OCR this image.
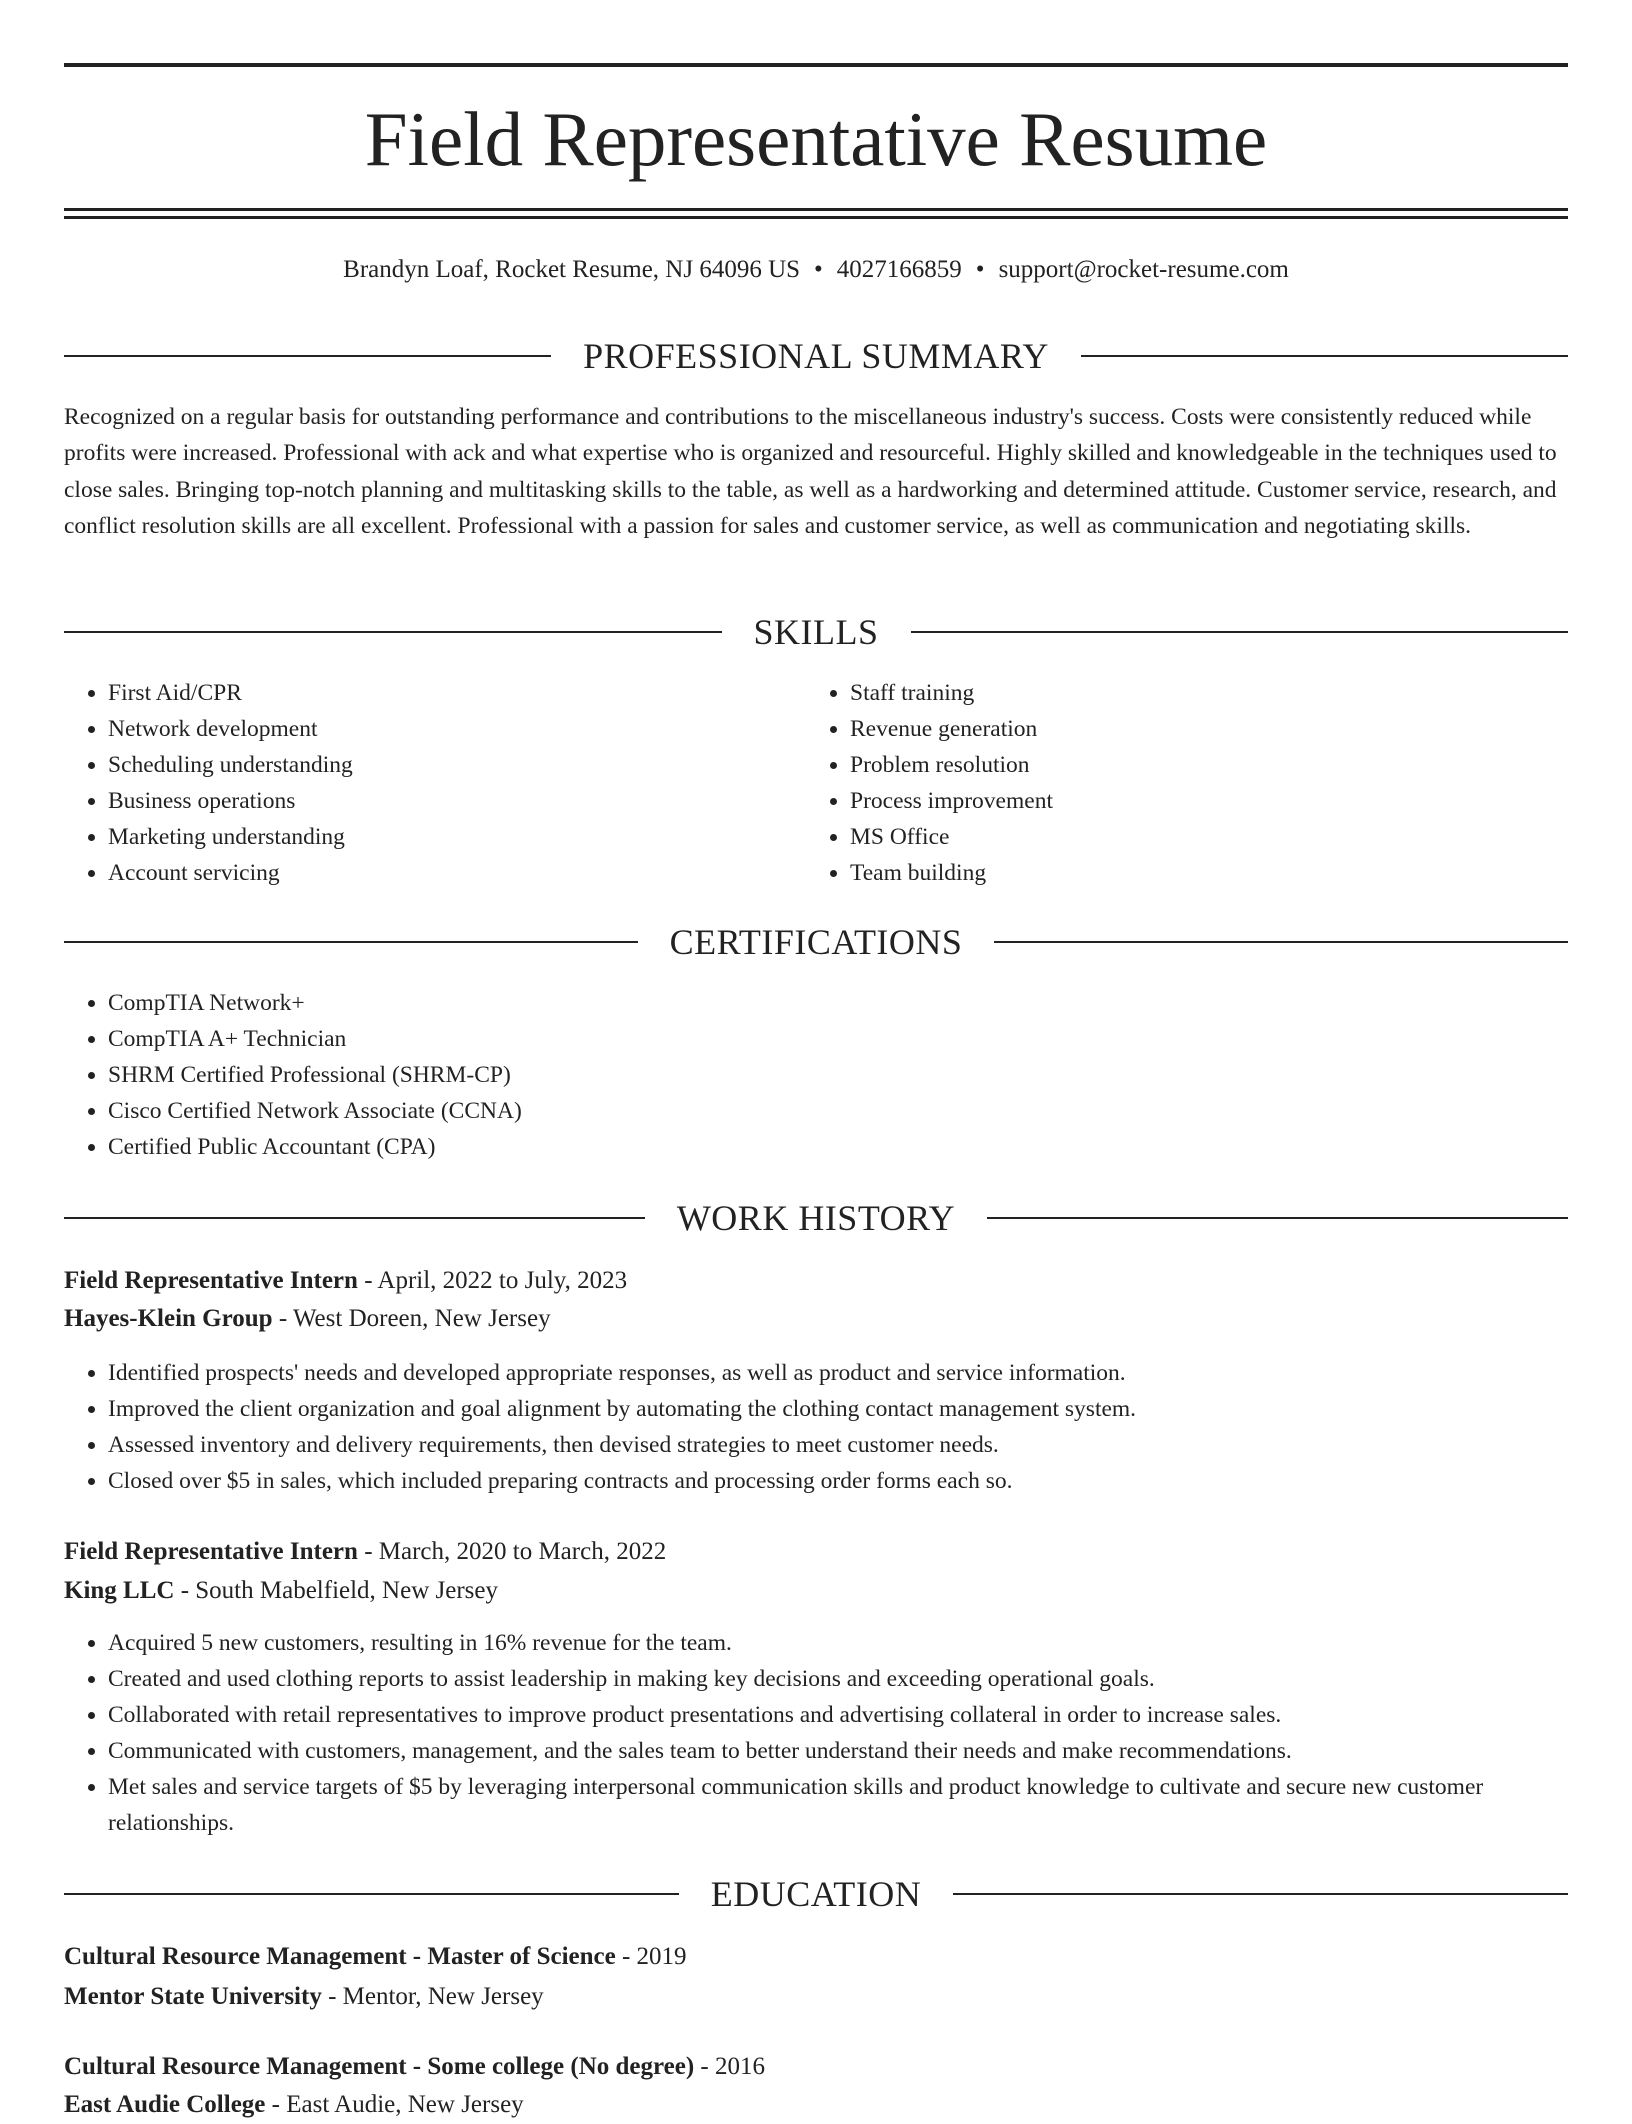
Field Representative Resume
Brandyn Loaf, Rocket Resume, NJ 64096 US • 4027166859 • support@rocket-resume.com
PROFESSIONAL SUMMARY

Recognized on a regular basis for outstanding performance and contributions to the miscellaneous industry's success. Costs were consistently reduced while profits were increased. Professional with ack and what expertise who is organized and resourceful. Highly skilled and knowledgeable in the techniques used to close sales. Bringing top-notch planning and multitasking skills to the table, as well as a hardworking and determined attitude. Customer service, research, and conflict resolution skills are all excellent. Professional with a passion for sales and customer service, as well as communication and negotiating skills.

SKILLS
• First Aid/CPR
• Network development
• Scheduling understanding
• Business operations
• Marketing understanding
• Account servicing
• Staff training
• Revenue generation
• Problem resolution
• Process improvement
• MS Office
• Team building
CERTIFICATIONS
• CompTIA Network+
• CompTIA A+ Technician
• SHRM Certified Professional (SHRM-CP)
• Cisco Certified Network Associate (CCNA)
• Certified Public Accountant (CPA)
WORK HISTORY

Field Representative Intern - April, 2022 to July, 2023

Hayes-Klein Group - West Doreen, New Jersey

• Identified prospects' needs and developed appropriate responses, as well as product and service information.
• Improved the client organization and goal alignment by automating the clothing contact management system.
• Assessed inventory and delivery requirements, then devised strategies to meet customer needs.
• Closed over $5 in sales, which included preparing contracts and processing order forms each so.

Field Representative Intern - March, 2020 to March, 2022

King LLC - South Mabelfield, New Jersey

• Acquired 5 new customers, resulting in 16% revenue for the team.
• Created and used clothing reports to assist leadership in making key decisions and exceeding operational goals.
• Collaborated with retail representatives to improve product presentations and advertising collateral in order to increase sales.
• Communicated with customers, management, and the sales team to better understand their needs and make recommendations.
• Met sales and service targets of $5 by leveraging interpersonal communication skills and product knowledge to cultivate and secure new customer relationships.
EDUCATION

Cultural Resource Management - Master of Science - 2019

Mentor State University - Mentor, New Jersey

Cultural Resource Management - Some college (No degree) - 2016

East Audie College - East Audie, New Jersey
